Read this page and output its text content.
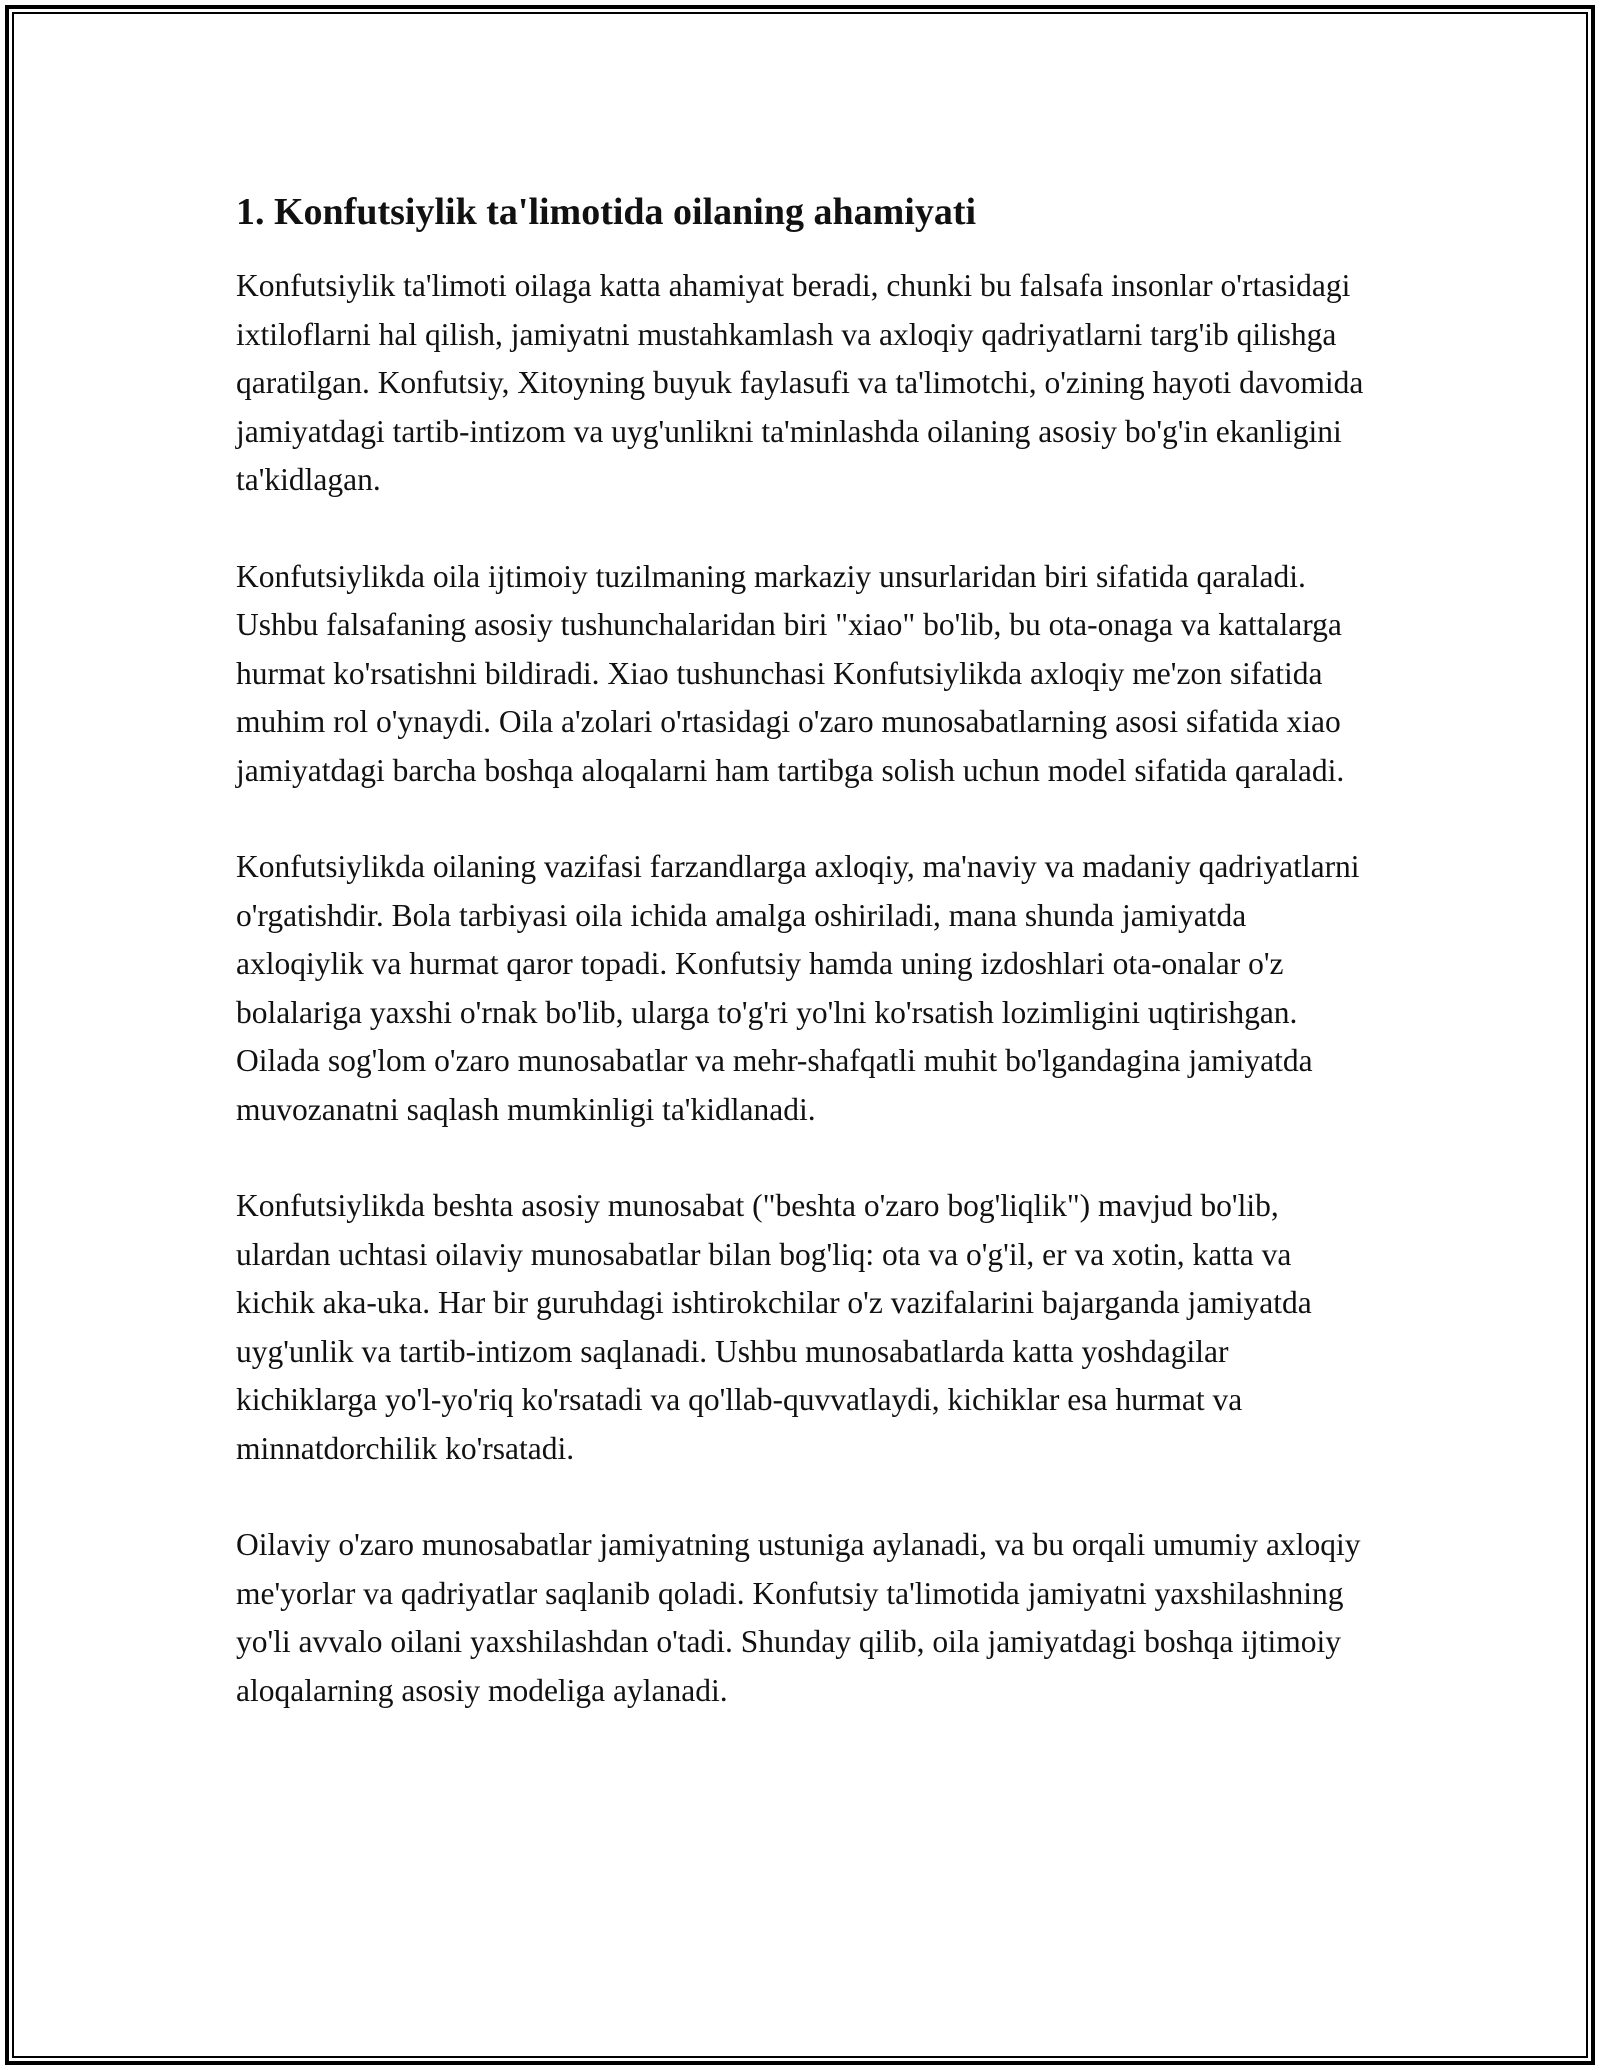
1. Konfutsiylik ta'limotida oilaning ahamiyati

Konfutsiylik ta'limoti oilaga katta ahamiyat beradi, chunki bu falsafa insonlar o'rtasidagi ixtiloflarni hal qilish, jamiyatni mustahkamlash va axloqiy qadriyatlarni targ'ib qilishga qaratilgan. Konfutsiy, Xitoyning buyuk faylasufi va ta'limotchi, o'zining hayoti davomida jamiyatdagi tartib-intizom va uyg'unlikni ta'minlashda oilaning asosiy bo'g'in ekanligini ta'kidlagan.

Konfutsiylikda oila ijtimoiy tuzilmaning markaziy unsurlaridan biri sifatida qaraladi. Ushbu falsafaning asosiy tushunchalaridan biri "xiao" bo'lib, bu ota-onaga va kattalarga hurmat ko'rsatishni bildiradi. Xiao tushunchasi Konfutsiylikda axloqiy me'zon sifatida muhim rol o'ynaydi. Oila a'zolari o'rtasidagi o'zaro munosabatlarning asosi sifatida xiao jamiyatdagi barcha boshqa aloqalarni ham tartibga solish uchun model sifatida qaraladi.

Konfutsiylikda oilaning vazifasi farzandlarga axloqiy, ma'naviy va madaniy qadriyatlarni o'rgatishdir. Bola tarbiyasi oila ichida amalga oshiriladi, mana shunda jamiyatda axloqiylik va hurmat qaror topadi. Konfutsiy hamda uning izdoshlari ota-onalar o'z bolalariga yaxshi o'rnak bo'lib, ularga to'g'ri yo'lni ko'rsatish lozimligini uqtirishgan. Oilada sog'lom o'zaro munosabatlar va mehr-shafqatli muhit bo'lgandagina jamiyatda muvozanatni saqlash mumkinligi ta'kidlanadi.

Konfutsiylikda beshta asosiy munosabat ("beshta o'zaro bog'liqlik") mavjud bo'lib, ulardan uchtasi oilaviy munosabatlar bilan bog'liq: ota va o'g'il, er va xotin, katta va kichik aka-uka. Har bir guruhdagi ishtirokchilar o'z vazifalarini bajarganda jamiyatda uyg'unlik va tartib-intizom saqlanadi. Ushbu munosabatlarda katta yoshdagilar kichiklarga yo'l-yo'riq ko'rsatadi va qo'llab-quvvatlaydi, kichiklar esa hurmat va minnatdorchilik ko'rsatadi.

Oilaviy o'zaro munosabatlar jamiyatning ustuniga aylanadi, va bu orqali umumiy axloqiy me'yorlar va qadriyatlar saqlanib qoladi. Konfutsiy ta'limotida jamiyatni yaxshilashning yo'li avvalo oilani yaxshilashdan o'tadi. Shunday qilib, oila jamiyatdagi boshqa ijtimoiy aloqalarning asosiy modeliga aylanadi.
